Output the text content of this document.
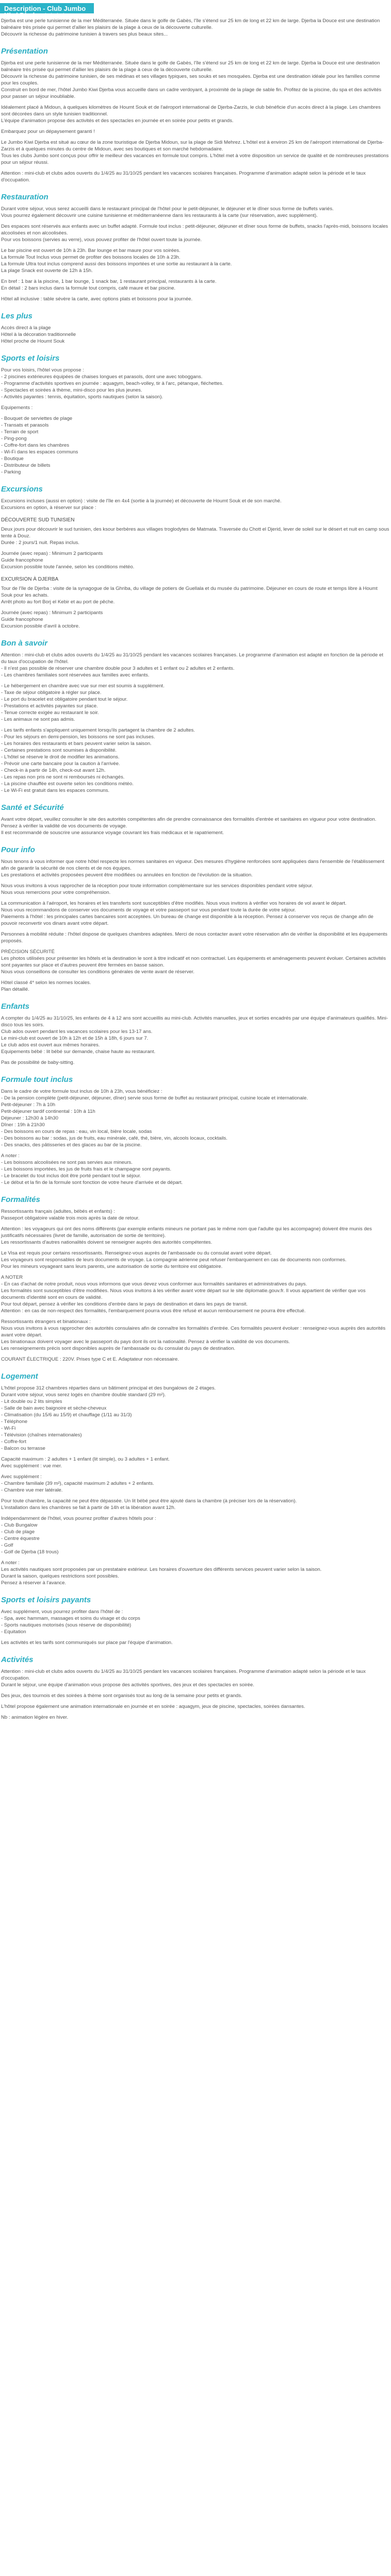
Description - Club Jumbo Kiwi Djerba ★★★★
Djerba est une perle tunisienne de la mer Méditerranée. Située dans le golfe de Gabès, l'île s'étend sur 25 km de long et 22 km de large. Djerba la Douce est une destination balnéaire très prisée qui permet d'allier les plaisirs de la plage à ceux de la découverte culturelle.
Découvrir la richesse du patrimoine tunisien à travers ses plus beaux sites...
Présentation
Djerba est une perle tunisienne de la mer Méditerranée. Située dans le golfe de Gabès, l'île s'étend sur 25 km de long et 22 km de large. Djerba la Douce est une destination balnéaire très prisée qui permet d'allier les plaisirs de la plage à ceux de la découverte culturelle.
Découvrir la richesse du patrimoine tunisien, de ses médinas et ses villages typiques, ses souks et ses mosquées. Djerba est une destination idéale pour les familles comme pour les couples.
Construit en bord de mer, l'hôtel Jumbo Kiwi Djerba vous accueille dans un cadre verdoyant, à proximité de la plage de sable fin. Profitez de la piscine, du spa et des activités pour passer un séjour inoubliable.
Idéalement placé à Midoun, à quelques kilomètres de Houmt Souk et de l'aéroport international de Djerba-Zarzis, le club bénéficie d'un accès direct à la plage. Les chambres sont décorées dans un style tunisien traditionnel.
L'équipe d'animation propose des activités et des spectacles en journée et en soirée pour petits et grands.
Embarquez pour un dépaysement garanti !
Le Jumbo Kiwi Djerba est situé au cœur de la zone touristique de Djerba Midoun, sur la plage de Sidi Mehrez. L'hôtel est à environ 25 km de l'aéroport international de Djerba-Zarzis et à quelques minutes du centre de Midoun, avec ses boutiques et son marché hebdomadaire.
Tous les clubs Jumbo sont conçus pour offrir le meilleur des vacances en formule tout compris. L'hôtel met à votre disposition un service de qualité et de nombreuses prestations pour un séjour réussi.
Attention : mini-club et clubs ados ouverts du 1/4/25 au 31/10/25 pendant les vacances scolaires françaises. Programme d'animation adapté selon la période et le taux d'occupation.
Restauration
Durant votre séjour, vous serez accueilli dans le restaurant principal de l'hôtel pour le petit-déjeuner, le déjeuner et le dîner sous forme de buffets variés.
Vous pourrez également découvrir une cuisine tunisienne et méditerranéenne dans les restaurants à la carte (sur réservation, avec supplément).
Des espaces sont réservés aux enfants avec un buffet adapté. Formule tout inclus : petit-déjeuner, déjeuner et dîner sous forme de buffets, snacks l'après-midi, boissons locales alcoolisées et non alcoolisées.
Pour vos boissons (servies au verre), vous pouvez profiter de l'hôtel ouvert toute la journée.
Le bar piscine est ouvert de 10h à 23h. Bar lounge et bar maure pour vos soirées.
La formule Tout Inclus vous permet de profiter des boissons locales de 10h à 23h.
La formule Ultra tout inclus comprend aussi des boissons importées et une sortie au restaurant à la carte.
La plage Snack est ouverte de 12h à 15h.
En bref : 1 bar à la piscine, 1 bar lounge, 1 snack bar, 1 restaurant principal, restaurants à la carte.
En détail : 2 bars inclus dans la formule tout compris, café maure et bar piscine.
Hôtel all inclusive : table sévère la carte, avec options plats et boissons pour la journée.
Les plus
Accès direct à la plage
Hôtel à la décoration traditionnelle
Hôtel proche de Houmt Souk
Sports et loisirs
Pour vos loisirs, l'hôtel vous propose :
- 2 piscines extérieures équipées de chaises longues et parasols, dont une avec toboggans.
- Programme d'activités sportives en journée : aquagym, beach-volley, tir à l'arc, pétanque, fléchettes.
- Spectacles et soirées à thème, mini-disco pour les plus jeunes.
- Activités payantes : tennis, équitation, sports nautiques (selon la saison).
Equipements :
- Bouquet de serviettes de plage
- Transats et parasols
- Terrain de sport
- Ping-pong
- Coffre-fort dans les chambres
- Wi-Fi dans les espaces communs
- Boutique
- Distributeur de billets
- Parking
Excursions
Excursions incluses (aussi en option) : visite de l'île en 4x4 (sortie à la journée) et découverte de Houmt Souk et de son marché.
Excursions en option, à réserver sur place :
DÉCOUVERTE SUD TUNISIEN
Deux jours pour découvrir le sud tunisien, des ksour berbères aux villages troglodytes de Matmata. Traversée du Chott el Djerid, lever de soleil sur le désert et nuit en camp sous tente à Douz.
Durée : 2 jours/1 nuit. Repas inclus.
Journée (avec repas) : Minimum 2 participants
Guide francophone
Excursion possible toute l'année, selon les conditions météo.
EXCURSION À DJERBA
Tour de l'île de Djerba : visite de la synagogue de la Ghriba, du village de potiers de Guellala et du musée du patrimoine. Déjeuner en cours de route et temps libre à Houmt Souk pour les achats.
Arrêt photo au fort Borj el Kebir et au port de pêche.
Journée (avec repas) : Minimum 2 participants
Guide francophone
Excursion possible d'avril à octobre.
Bon à savoir
Attention : mini-club et clubs ados ouverts du 1/4/25 au 31/10/25 pendant les vacances scolaires françaises. Le programme d'animation est adapté en fonction de la période et du taux d'occupation de l'hôtel.
- Il n'est pas possible de réserver une chambre double pour 3 adultes et 1 enfant ou 2 adultes et 2 enfants.
- Les chambres familiales sont réservées aux familles avec enfants.
- Le hébergement en chambre avec vue sur mer est soumis à supplément.
- Taxe de séjour obligatoire à régler sur place.
- Le port du bracelet est obligatoire pendant tout le séjour.
- Prestations et activités payantes sur place.
- Tenue correcte exigée au restaurant le soir.
- Les animaux ne sont pas admis.
- Les tarifs enfants s'appliquent uniquement lorsqu'ils partagent la chambre de 2 adultes.
- Pour les séjours en demi-pension, les boissons ne sont pas incluses.
- Les horaires des restaurants et bars peuvent varier selon la saison.
- Certaines prestations sont soumises à disponibilité.
- L'hôtel se réserve le droit de modifier les animations.
- Prévoir une carte bancaire pour la caution à l'arrivée.
- Check-in à partir de 14h, check-out avant 12h.
- Les repas non pris ne sont ni remboursés ni échangés.
- La piscine chauffée est ouverte selon les conditions météo.
- Le Wi-Fi est gratuit dans les espaces communs.
Santé et Sécurité
Avant votre départ, veuillez consulter le site des autorités compétentes afin de prendre connaissance des formalités d'entrée et sanitaires en vigueur pour votre destination. Pensez à vérifier la validité de vos documents de voyage.
Il est recommandé de souscrire une assurance voyage couvrant les frais médicaux et le rapatriement.
Pour info
Nous tenons à vous informer que notre hôtel respecte les normes sanitaires en vigueur. Des mesures d'hygiène renforcées sont appliquées dans l'ensemble de l'établissement afin de garantir la sécurité de nos clients et de nos équipes.
Les prestations et activités proposées peuvent être modifiées ou annulées en fonction de l'évolution de la situation.
Nous vous invitons à vous rapprocher de la réception pour toute information complémentaire sur les services disponibles pendant votre séjour.
Nous vous remercions pour votre compréhension.
La communication à l'aéroport, les horaires et les transferts sont susceptibles d'être modifiés. Nous vous invitons à vérifier vos horaires de vol avant le départ.
Nous vous recommandons de conserver vos documents de voyage et votre passeport sur vous pendant toute la durée de votre séjour.
Paiements à l'hôtel : les principales cartes bancaires sont acceptées. Un bureau de change est disponible à la réception. Pensez à conserver vos reçus de change afin de pouvoir reconvertir vos dinars avant votre départ.
Personnes à mobilité réduite : l'hôtel dispose de quelques chambres adaptées. Merci de nous contacter avant votre réservation afin de vérifier la disponibilité et les équipements proposés.
PRÉCISION SÉCURITÉ
Les photos utilisées pour présenter les hôtels et la destination le sont à titre indicatif et non contractuel. Les équipements et aménagements peuvent évoluer. Certaines activités sont payantes sur place et d'autres peuvent être fermées en basse saison.
Nous vous conseillons de consulter les conditions générales de vente avant de réserver.
Hôtel classé 4* selon les normes locales.
Plan détaillé.
Enfants
A compter du 1/4/25 au 31/10/25, les enfants de 4 à 12 ans sont accueillis au mini-club. Activités manuelles, jeux et sorties encadrés par une équipe d'animateurs qualifiés. Mini-disco tous les soirs.
Club ados ouvert pendant les vacances scolaires pour les 13-17 ans.
Le mini-club est ouvert de 10h à 12h et de 15h à 18h, 6 jours sur 7.
Le club ados est ouvert aux mêmes horaires.
Equipements bébé : lit bébé sur demande, chaise haute au restaurant.
Pas de possibilité de baby-sitting.
Formule tout inclus
Dans le cadre de votre formule tout inclus de 10h à 23h, vous bénéficiez :
- De la pension complète (petit-déjeuner, déjeuner, dîner) servie sous forme de buffet au restaurant principal, cuisine locale et internationale.
Petit-déjeuner : 7h à 10h
Petit-déjeuner tardif continental : 10h à 11h
Déjeuner : 12h30 à 14h30
Dîner : 19h à 21h30
- Des boissons en cours de repas : eau, vin local, bière locale, sodas
- Des boissons au bar : sodas, jus de fruits, eau minérale, café, thé, bière, vin, alcools locaux, cocktails.
- Des snacks, des pâtisseries et des glaces au bar de la piscine.
A noter :
- Les boissons alcoolisées ne sont pas servies aux mineurs.
- Les boissons importées, les jus de fruits frais et le champagne sont payants.
- Le bracelet du tout inclus doit être porté pendant tout le séjour.
- Le début et la fin de la formule sont fonction de votre heure d'arrivée et de départ.
Formalités
Ressortissants français (adultes, bébés et enfants) :
Passeport obligatoire valable trois mois après la date de retour.
Attention : les voyageurs qui ont des noms différents (par exemple enfants mineurs ne portant pas le même nom que l'adulte qui les accompagne) doivent être munis des justificatifs nécessaires (livret de famille, autorisation de sortie de territoire).
Les ressortissants d'autres nationalités doivent se renseigner auprès des autorités compétentes.
Le Visa est requis pour certains ressortissants. Renseignez-vous auprès de l'ambassade ou du consulat avant votre départ.
Les voyageurs sont responsables de leurs documents de voyage. La compagnie aérienne peut refuser l'embarquement en cas de documents non conformes.
Pour les mineurs voyageant sans leurs parents, une autorisation de sortie du territoire est obligatoire.
A NOTER
- En cas d'achat de notre produit, nous vous informons que vous devez vous conformer aux formalités sanitaires et administratives du pays.
Les formalités sont susceptibles d'être modifiées. Nous vous invitons à les vérifier avant votre départ sur le site diplomatie.gouv.fr. Il vous appartient de vérifier que vos documents d'identité sont en cours de validité.
Pour tout départ, pensez à vérifier les conditions d'entrée dans le pays de destination et dans les pays de transit.
Attention : en cas de non-respect des formalités, l'embarquement pourra vous être refusé et aucun remboursement ne pourra être effectué.
Ressortissants étrangers et binationaux :
Nous vous invitons à vous rapprocher des autorités consulaires afin de connaître les formalités d'entrée. Ces formalités peuvent évoluer : renseignez-vous auprès des autorités avant votre départ.
Les binationaux doivent voyager avec le passeport du pays dont ils ont la nationalité. Pensez à vérifier la validité de vos documents.
Les renseignements précis sont disponibles auprès de l'ambassade ou du consulat du pays de destination.
COURANT ÉLECTRIQUE : 220V. Prises type C et E. Adaptateur non nécessaire.
Logement
L'hôtel propose 312 chambres réparties dans un bâtiment principal et des bungalows de 2 étages.
Durant votre séjour, vous serez logés en chambre double standard (29 m²).
- Lit double ou 2 lits simples
- Salle de bain avec baignoire et sèche-cheveux
- Climatisation (du 15/6 au 15/9) et chauffage (1/11 au 31/3)
- Téléphone
- Wi-Fi
- Télévision (chaînes internationales)
- Coffre-fort
- Balcon ou terrasse
Capacité maximum : 2 adultes + 1 enfant (lit simple), ou 3 adultes + 1 enfant.
Avec supplément : vue mer.
Avec supplément :
- Chambre familiale (39 m²), capacité maximum 2 adultes + 2 enfants.
- Chambre vue mer latérale.
Pour toute chambre, la capacité ne peut être dépassée. Un lit bébé peut être ajouté dans la chambre (à préciser lors de la réservation).
L'installation dans les chambres se fait à partir de 14h et la libération avant 12h.
Indépendamment de l'hôtel, vous pourrez profiter d'autres hôtels pour :
- Club Bungalow
- Club de plage
- Centre équestre
- Golf
- Golf de Djerba (18 trous)
A noter :
Les activités nautiques sont proposées par un prestataire extérieur. Les horaires d'ouverture des différents services peuvent varier selon la saison.
Durant la saison, quelques restrictions sont possibles.
Pensez à réserver à l'avance.
Sports et loisirs payants
Avec supplément, vous pourrez profiter dans l'hôtel de :
- Spa, avec hammam, massages et soins du visage et du corps
- Sports nautiques motorisés (sous réserve de disponibilité)
- Equitation
Les activités et les tarifs sont communiqués sur place par l'équipe d'animation.
Activités
Attention : mini-club et clubs ados ouverts du 1/4/25 au 31/10/25 pendant les vacances scolaires françaises. Programme d'animation adapté selon la période et le taux d'occupation.
Durant le séjour, une équipe d'animation vous propose des activités sportives, des jeux et des spectacles en soirée.
Des jeux, des tournois et des soirées à thème sont organisés tout au long de la semaine pour petits et grands.
L'hôtel propose également une animation internationale en journée et en soirée : aquagym, jeux de piscine, spectacles, soirées dansantes.
Nb : animation légère en hiver.
